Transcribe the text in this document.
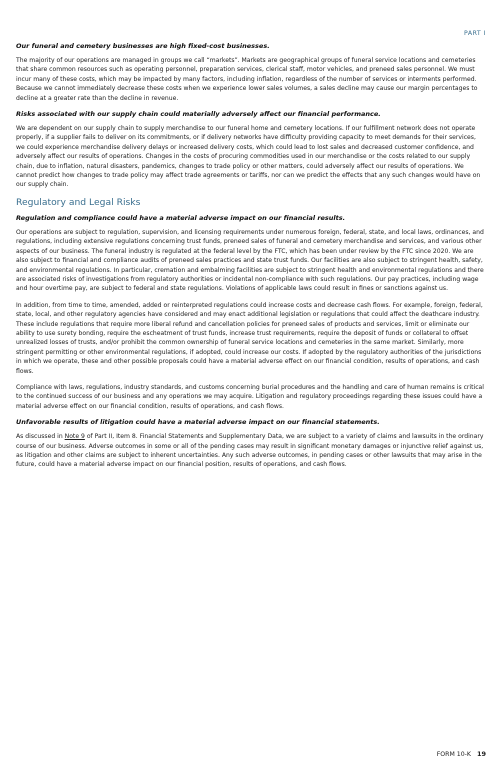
PART I

Our funeral and cemetery businesses are high fixed-cost businesses.

The majority of our operations are managed in groups we call “markets”. Markets are geographical groups of funeral service locations and cemeteries that share common resources such as operating personnel, preparation services, clerical staff, motor vehicles, and preneed sales personnel. We must incur many of these costs, which may be impacted by many factors, including inflation, regardless of the number of services or interments performed. Because we cannot immediately decrease these costs when we experience lower sales volumes, a sales decline may cause our margin percentages to decline at a greater rate than the decline in revenue.

Risks associated with our supply chain could materially adversely affect our financial performance.

We are dependent on our supply chain to supply merchandise to our funeral home and cemetery locations. If our fulfillment network does not operate properly, if a supplier fails to deliver on its commitments, or if delivery networks have difficulty providing capacity to meet demands for their services, we could experience merchandise delivery delays or increased delivery costs, which could lead to lost sales and decreased customer confidence, and adversely affect our results of operations. Changes in the costs of procuring commodities used in our merchandise or the costs related to our supply chain, due to inflation, natural disasters, pandemics, changes to trade policy or other matters, could adversely affect our results of operations. We cannot predict how changes to trade policy may affect trade agreements or tariffs, nor can we predict the effects that any such changes would have on our supply chain.

Regulatory and Legal Risks

Regulation and compliance could have a material adverse impact on our financial results.

Our operations are subject to regulation, supervision, and licensing requirements under numerous foreign, federal, state, and local laws, ordinances, and regulations, including extensive regulations concerning trust funds, preneed sales of funeral and cemetery merchandise and services, and various other aspects of our business. The funeral industry is regulated at the federal level by the FTC, which has been under review by the FTC since 2020. We are also subject to financial and compliance audits of preneed sales practices and state trust funds. Our facilities are also subject to stringent health, safety, and environmental regulations. In particular, cremation and embalming facilities are subject to stringent health and environmental regulations and there are associated risks of investigations from regulatory authorities or incidental non-compliance with such regulations. Our pay practices, including wage and hour overtime pay, are subject to federal and state regulations. Violations of applicable laws could result in fines or sanctions against us.

In addition, from time to time, amended, added or reinterpreted regulations could increase costs and decrease cash flows. For example, foreign, federal, state, local, and other regulatory agencies have considered and may enact additional legislation or regulations that could affect the deathcare industry. These include regulations that require more liberal refund and cancellation policies for preneed sales of products and services, limit or eliminate our ability to use surety bonding, require the escheatment of trust funds, increase trust requirements, require the deposit of funds or collateral to offset unrealized losses of trusts, and/or prohibit the common ownership of funeral service locations and cemeteries in the same market. Similarly, more stringent permitting or other environmental regulations, if adopted, could increase our costs. If adopted by the regulatory authorities of the jurisdictions in which we operate, these and other possible proposals could have a material adverse effect on our financial condition, results of operations, and cash flows.

Compliance with laws, regulations, industry standards, and customs concerning burial procedures and the handling and care of human remains is critical to the continued success of our business and any operations we may acquire. Litigation and regulatory proceedings regarding these issues could have a material adverse effect on our financial condition, results of operations, and cash flows.

Unfavorable results of litigation could have a material adverse impact on our financial statements.

As discussed in Note 9 of Part II, Item 8. Financial Statements and Supplementary Data, we are subject to a variety of claims and lawsuits in the ordinary course of our business. Adverse outcomes in some or all of the pending cases may result in significant monetary damages or injunctive relief against us, as litigation and other claims are subject to inherent uncertainties. Any such adverse outcomes, in pending cases or other lawsuits that may arise in the future, could have a material adverse impact on our financial position, results of operations, and cash flows.

FORM 10-K 19
